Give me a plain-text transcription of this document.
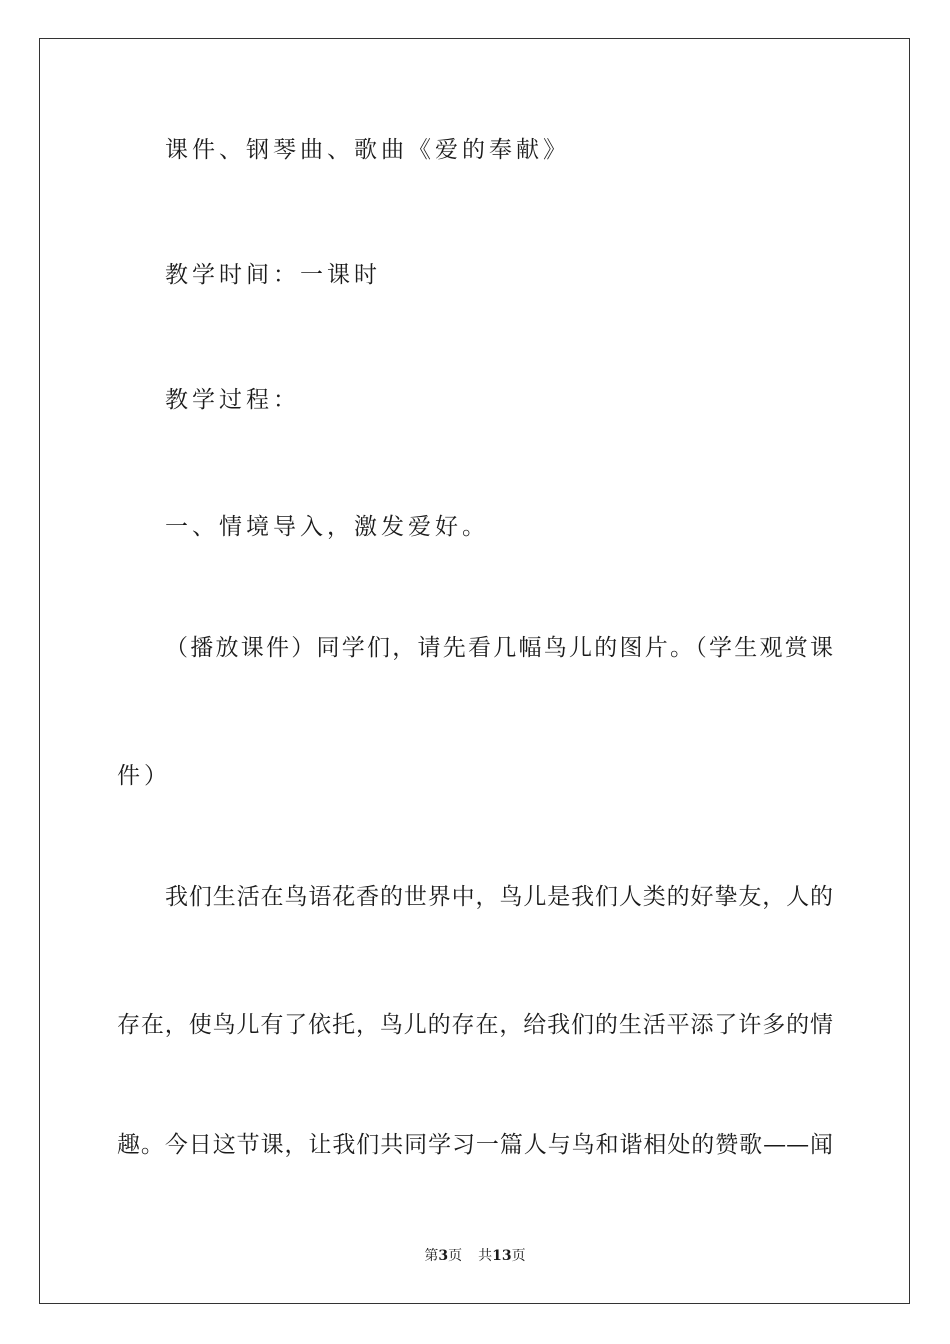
课件、钢琴曲、歌曲《爱的奉献》
教学时间：一课时
教学过程：
一、情境导入，激发爱好。
（播放课件）同学们，请先看几幅鸟儿的图片。（学生观赏课
件）
我们生活在鸟语花香的世界中，鸟儿是我们人类的好挚友，人的
存在，使鸟儿有了依托，鸟儿的存在，给我们的生活平添了许多的情
趣。今日这节课，让我们共同学习一篇人与鸟和谐相处的赞歌——闻
第3页 共13页
